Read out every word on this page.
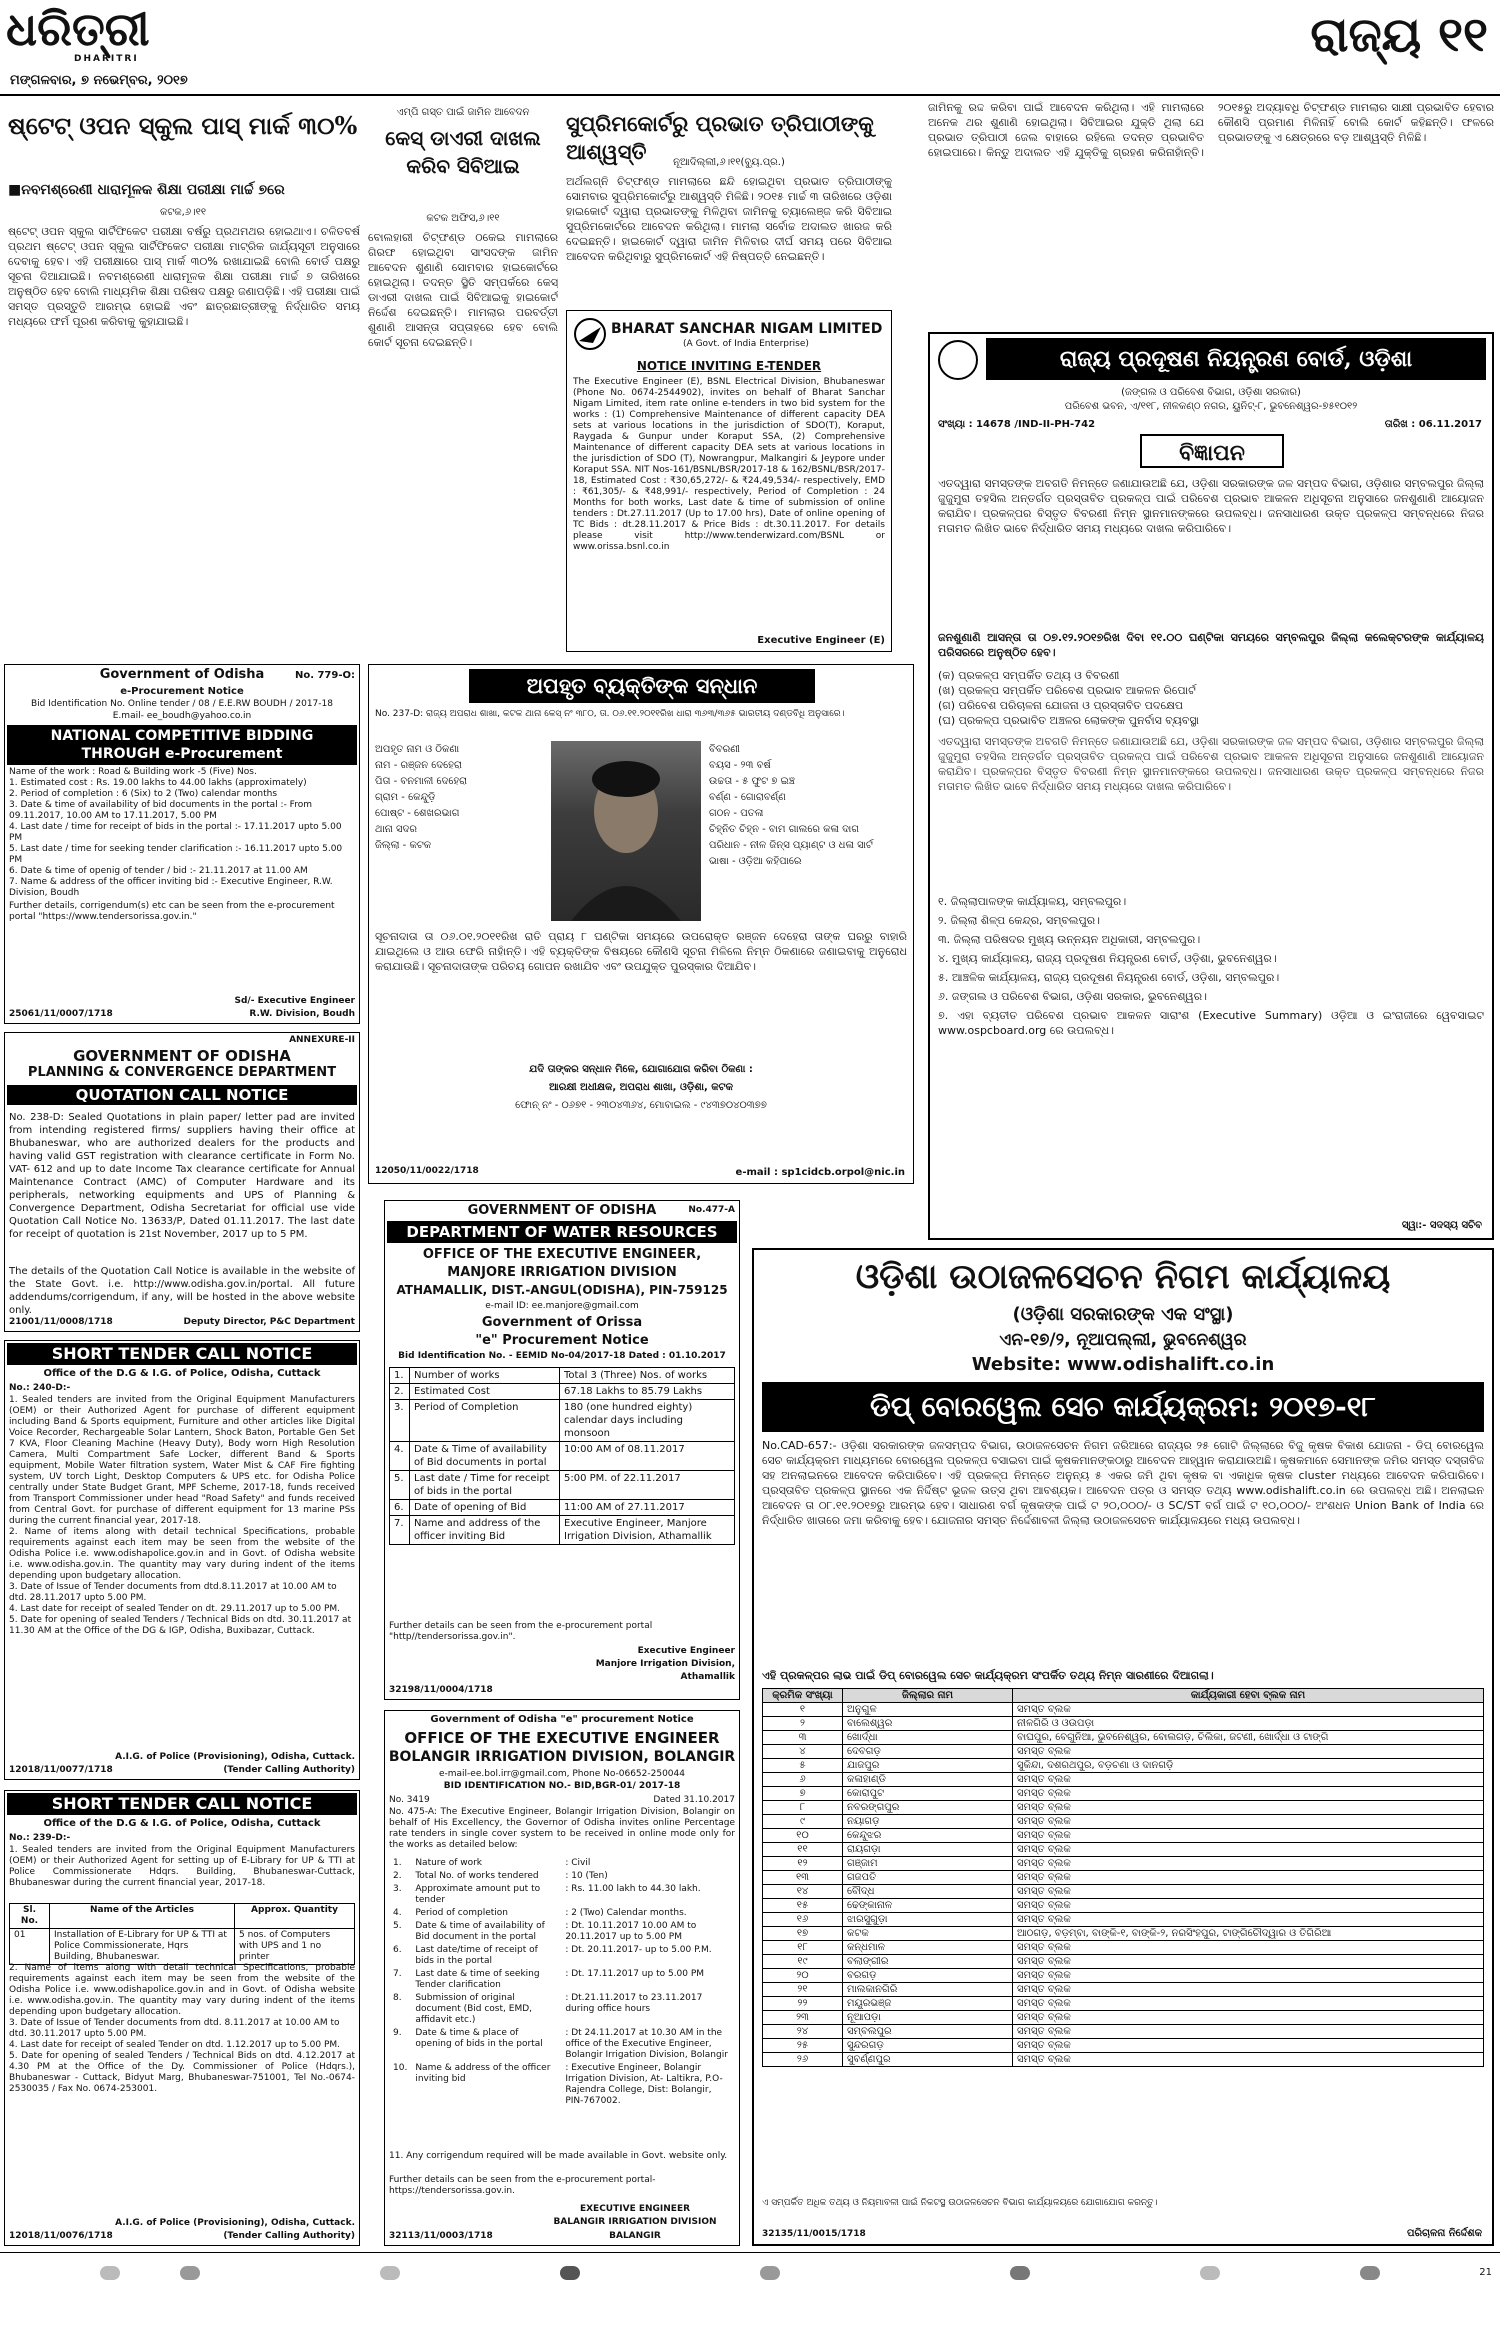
ଧରିତ୍ରୀ
DHARITRI
ମଙ୍ଗଳବାର, ୭ ନଭେମ୍ବର, ୨୦୧୭
ରାଜ୍ୟ ୧୧
ଷ୍ଟେଟ୍ ଓପନ ସ୍କୁଲ ପାସ୍ ମାର୍କ ୩୦%
■ନବମଶ୍ରେଣୀ ଧାରାମୂଳକ ଶିକ୍ଷା ପରୀକ୍ଷା ମାର୍ଚ୍ଚ ୭ରେ
କଟକ,୬।୧୧
ଷ୍ଟେଟ୍ ଓପନ ସ୍କୁଲ ସାର୍ଟିଫିକେଟ ପରୀକ୍ଷା ବର୍ଷରୁ ପ୍ରଥମଥର ହୋଇଥାଏ। ଚଳିତବର୍ଷ ପ୍ରଥମ ଷ୍ଟେଟ୍ ଓପନ ସ୍କୁଲ ସାର୍ଟିଫିକେଟ ପରୀକ୍ଷା ମାଟ୍ରିକ ଜାର୍ଯ୍ୟସୂଚୀ ଅନୁସାରେ ଦେବାକୁ ହେବ। ଏହି ପରୀକ୍ଷାରେ ପାସ୍ ମାର୍କ ୩୦% ରଖାଯାଇଛି ବୋଲି ବୋର୍ଡ ପକ୍ଷରୁ ସୂଚନା ଦିଆଯାଇଛି। ନବମଶ୍ରେଣୀ ଧାରାମୂଳକ ଶିକ୍ଷା ପରୀକ୍ଷା ମାର୍ଚ୍ଚ ୭ ତାରିଖରେ ଅନୁଷ୍ଠିତ ହେବ ବୋଲି ମାଧ୍ୟମିକ ଶିକ୍ଷା ପରିଷଦ ପକ୍ଷରୁ ଜଣାପଡ଼ିଛି। ଏହି ପରୀକ୍ଷା ପାଇଁ ସମସ୍ତ ପ୍ରସ୍ତୁତି ଆରମ୍ଭ ହୋଇଛି ଏବଂ ଛାତ୍ରଛାତ୍ରୀଙ୍କୁ ନିର୍ଦ୍ଧାରିତ ସମୟ ମଧ୍ୟରେ ଫର୍ମ ପୂରଣ କରିବାକୁ କୁହାଯାଇଛି।
ଏମ୍‌ପି ଗସ୍ତ ପାଇଁ ଜାମିନ ଆବେଦନ
କେସ୍ ଡାଏରୀ ଦାଖଲ କରିବ ସିବିଆଇ
କଟକ ଅଫିସ,୬।୧୧
ବୋଲହାରୀ ଚିଟ୍‌ଫଣ୍ଡ ଠକେଇ ମାମଲାରେ ଗିରଫ ହୋଇଥିବା ସାଂସଦଙ୍କ ଜାମିନ ଆବେଦନ ଶୁଣାଣି ସୋମବାର ହାଇକୋର୍ଟରେ ହୋଇଥିଲା। ତଦନ୍ତ ସ୍ଥିତି ସମ୍ପର୍କରେ କେସ୍ ଡାଏରୀ ଦାଖଲ ପାଇଁ ସିବିଆଇକୁ ହାଇକୋର୍ଟ ନିର୍ଦ୍ଦେଶ ଦେଇଛନ୍ତି। ମାମଲାର ପରବର୍ତ୍ତୀ ଶୁଣାଣି ଆସନ୍ତା ସପ୍ତାହରେ ହେବ ବୋଲି କୋର୍ଟ ସୂଚନା ଦେଇଛନ୍ତି।
ସୁପ୍ରିମକୋର୍ଟରୁ ପ୍ରଭାତ ତ୍ରିପାଠୀଙ୍କୁ ଆଶ୍ୱସ୍ତି	ନୂଆଦିଲ୍ଲୀ,୬।୧୧(ବ୍ୟୁ.ପ୍ର.)
ଅର୍ଥଲଗ୍ନି ଚିଟ୍‌ଫଣ୍ଡ ମାମଲାରେ ଛନ୍ଦି ହୋଇଥିବା ପ୍ରଭାତ ତ୍ରିପାଠୀଙ୍କୁ ସୋମବାର ସୁପ୍ରିମକୋର୍ଟରୁ ଆଶ୍ୱସ୍ତି ମିଳିଛି। ୨୦୧୫ ମାର୍ଚ୍ଚ ୩ ତାରିଖରେ ଓଡ଼ିଶା ହାଇକୋର୍ଟ ଦ୍ୱାରା ପ୍ରଭାତଙ୍କୁ ମିଳିଥିବା ଜାମିନକୁ ଚ୍ୟାଲେଞ୍ଜ କରି ସିବିଆଇ ସୁପ୍ରିମକୋର୍ଟରେ ଆବେଦନ କରିଥିଲା। ମାମଲା ସର୍ବୋଚ୍ଚ ଅଦାଲତ ଖାରଜ କରି ଦେଇଛନ୍ତି। ହାଇକୋର୍ଟ ଦ୍ୱାରା ଜାମିନ ମିଳିବାର ଦୀର୍ଘ ସମୟ ପରେ ସିବିଆଇ ଆବେଦନ କରିଥିବାରୁ ସୁପ୍ରିମକୋର୍ଟ ଏହି ନିଷ୍ପତ୍ତି ନେଇଛନ୍ତି।
ଜାମିନକୁ ରଦ୍ଦ କରିବା ପାଇଁ ଆବେଦନ କରିଥିଲା। ଏହି ମାମଲାରେ ଅନେକ ଥର ଶୁଣାଣି ହୋଇଥିଲା। ସିବିଆଇର ଯୁକ୍ତି ଥିଲା ଯେ ପ୍ରଭାତ ତ୍ରିପାଠୀ ଜେଲ ବାହାରେ ରହିଲେ ତଦନ୍ତ ପ୍ରଭାବିତ ହୋଇପାରେ। କିନ୍ତୁ ଅଦାଲତ ଏହି ଯୁକ୍ତିକୁ ଗ୍ରହଣ କରିନାହାଁନ୍ତି। ୨୦୧୫ରୁ ଅଦ୍ୟାବଧି ଚିଟ୍‌ଫଣ୍ଡ ମାମଲାର ସାକ୍ଷୀ ପ୍ରଭାବିତ ହେବାର କୌଣସି ପ୍ରମାଣ ମିଳିନାହିଁ ବୋଲି କୋର୍ଟ କହିଛନ୍ତି। ଫଳରେ ପ୍ରଭାତଙ୍କୁ ଏ କ୍ଷେତ୍ରରେ ବଡ଼ ଆଶ୍ୱସ୍ତି ମିଳିଛି।
BHARAT SANCHAR NIGAM LIMITED
(A Govt. of India Enterprise)
NOTICE INVITING E-TENDER
The Executive Engineer (E), BSNL Electrical Division, Bhubaneswar (Phone No. 0674-2544902), invites on behalf of Bharat Sanchar Nigam Limited, item rate online e-tenders in two bid system for the works : (1) Comprehensive Maintenance of different capacity DEA sets at various locations in the jurisdiction of SDO(T), Koraput, Raygada & Gunpur under Koraput SSA, (2) Comprehensive Maintenance of different capacity DEA sets at various locations in the jurisdiction of SDO (T), Nowrangpur, Malkangiri & Jeypore under Koraput SSA. NIT Nos-161/BSNL/BSR/2017-18 & 162/BSNL/BSR/2017-18, Estimated Cost : ₹30,65,272/- & ₹24,49,534/- respectively, EMD : ₹61,305/- & ₹48,991/- respectively, Period of Completion : 24 Months for both works, Last date & time of submission of online tenders : Dt.27.11.2017 (Up to 17.00 hrs), Date of online opening of TC Bids : dt.28.11.2017 & Price Bids : dt.30.11.2017. For details please visit http://www.tenderwizard.com/BSNL or www.orissa.bsnl.co.in
Executive Engineer (E)
ରାଜ୍ୟ ପ୍ରଦୂଷଣ ନିୟନ୍ତ୍ରଣ ବୋର୍ଡ, ଓଡ଼ିଶା
(ଜଙ୍ଗଲ ଓ ପରିବେଶ ବିଭାଗ, ଓଡ଼ିଶା ସରକାର)
ପରିବେଶ ଭବନ, ଏ/୧୧୮, ନୀଳକଣ୍ଠ ନଗର, ୟୁନିଟ୍-୮, ଭୁବନେଶ୍ୱର-୭୫୧୦୧୨
ସଂଖ୍ୟା : 14678 /IND-II-PH-742	ତାରିଖ : 06.11.2017
ବିଜ୍ଞାପନ
ଏତଦ୍ୱାରା ସମସ୍ତଙ୍କ ଅବଗତି ନିମନ୍ତେ ଜଣାଯାଉଅଛି ଯେ, ଓଡ଼ିଶା ସରକାରଙ୍କ ଜଳ ସମ୍ପଦ ବିଭାଗ, ଓଡ଼ିଶାର ସମ୍ବଲପୁର ଜିଲ୍ଲା ଜୁଜୁମୁରା ତହସିଲ ଅନ୍ତର୍ଗତ ପ୍ରସ୍ତାବିତ ପ୍ରକଳ୍ପ ପାଇଁ ପରିବେଶ ପ୍ରଭାବ ଆକଳନ ଅଧିସୂଚନା ଅନୁସାରେ ଜନଶୁଣାଣି ଆୟୋଜନ କରାଯିବ। ପ୍ରକଳ୍ପର ବିସ୍ତୃତ ବିବରଣୀ ନିମ୍ନ ସ୍ଥାନମାନଙ୍କରେ ଉପଲବ୍ଧ। ଜନସାଧାରଣ ଉକ୍ତ ପ୍ରକଳ୍ପ ସମ୍ବନ୍ଧରେ ନିଜର ମତାମତ ଲିଖିତ ଭାବେ ନିର୍ଦ୍ଧାରିତ ସମୟ ମଧ୍ୟରେ ଦାଖଲ କରିପାରିବେ।
ଜନଶୁଣାଣି ଆସନ୍ତା ତା ୦୭.୧୨.୨୦୧୭ରିଖ ଦିବା ୧୧.୦୦ ଘଣ୍ଟିକା ସମୟରେ ସମ୍ବଲପୁର ଜିଲ୍ଲା କଲେକ୍ଟରଙ୍କ କାର୍ଯ୍ୟାଳୟ ପରିସରରେ ଅନୁଷ୍ଠିତ ହେବ।
(କ) ପ୍ରକଳ୍ପ ସମ୍ପର୍କିତ ତଥ୍ୟ ଓ ବିବରଣୀ
(ଖ) ପ୍ରକଳ୍ପ ସମ୍ପର୍କିତ ପରିବେଶ ପ୍ରଭାବ ଆକଳନ ରିପୋର୍ଟ
(ଗ) ପରିବେଶ ପରିଚାଳନା ଯୋଜନା ଓ ପ୍ରସ୍ତାବିତ ପଦକ୍ଷେପ
(ଘ) ପ୍ରକଳ୍ପ ପ୍ରଭାବିତ ଅଞ୍ଚଳର ଲୋକଙ୍କ ପୁନର୍ବାସ ବ୍ୟବସ୍ଥା
ଏତଦ୍ୱାରା ସମସ୍ତଙ୍କ ଅବଗତି ନିମନ୍ତେ ଜଣାଯାଉଅଛି ଯେ, ଓଡ଼ିଶା ସରକାରଙ୍କ ଜଳ ସମ୍ପଦ ବିଭାଗ, ଓଡ଼ିଶାର ସମ୍ବଲପୁର ଜିଲ୍ଲା ଜୁଜୁମୁରା ତହସିଲ ଅନ୍ତର୍ଗତ ପ୍ରସ୍ତାବିତ ପ୍ରକଳ୍ପ ପାଇଁ ପରିବେଶ ପ୍ରଭାବ ଆକଳନ ଅଧିସୂଚନା ଅନୁସାରେ ଜନଶୁଣାଣି ଆୟୋଜନ କରାଯିବ। ପ୍ରକଳ୍ପର ବିସ୍ତୃତ ବିବରଣୀ ନିମ୍ନ ସ୍ଥାନମାନଙ୍କରେ ଉପଲବ୍ଧ। ଜନସାଧାରଣ ଉକ୍ତ ପ୍ରକଳ୍ପ ସମ୍ବନ୍ଧରେ ନିଜର ମତାମତ ଲିଖିତ ଭାବେ ନିର୍ଦ୍ଧାରିତ ସମୟ ମଧ୍ୟରେ ଦାଖଲ କରିପାରିବେ।
୧. ଜିଲ୍ଲାପାଳଙ୍କ କାର୍ଯ୍ୟାଳୟ, ସମ୍ବଲପୁର।
୨. ଜିଲ୍ଲା ଶିଳ୍ପ କେନ୍ଦ୍ର, ସମ୍ବଲପୁର।
୩. ଜିଲ୍ଲା ପରିଷଦର ମୁଖ୍ୟ ଉନ୍ନୟନ ଅଧିକାରୀ, ସମ୍ବଲପୁର।
୪. ମୁଖ୍ୟ କାର୍ଯ୍ୟାଳୟ, ରାଜ୍ୟ ପ୍ରଦୂଷଣ ନିୟନ୍ତ୍ରଣ ବୋର୍ଡ, ଓଡ଼ିଶା, ଭୁବନେଶ୍ୱର।
୫. ଆଞ୍ଚଳିକ କାର୍ଯ୍ୟାଳୟ, ରାଜ୍ୟ ପ୍ରଦୂଷଣ ନିୟନ୍ତ୍ରଣ ବୋର୍ଡ, ଓଡ଼ିଶା, ସମ୍ବଲପୁର।
୬. ଜଙ୍ଗଲ ଓ ପରିବେଶ ବିଭାଗ, ଓଡ଼ିଶା ସରକାର, ଭୁବନେଶ୍ୱର।
୭. ଏହା ବ୍ୟତୀତ ପରିବେଶ ପ୍ରଭାବ ଆକଳନ ସାରାଂଶ (Executive Summary) ଓଡ଼ିଆ ଓ ଇଂରାଜୀରେ ୱେବସାଇଟ www.ospcboard.org ରେ ଉପଲବ୍ଧ।
ସ୍ୱା:- ସଦସ୍ୟ ସଚିବ
Government of Odisha	No. 779-O:
e-Procurement Notice
Bid Identification No. Online tender / 08 / E.E.RW BOUDH / 2017-18
E.mail- ee_boudh@yahoo.co.in
NATIONAL COMPETITIVE BIDDING THROUGH e-Procurement
Name of the work : Road & Building work -5 (Five) Nos.
1. Estimated cost : Rs. 19.00 lakhs to 44.00 lakhs (approximately)
2. Period of completion : 6 (Six) to 2 (Two) calendar months
3. Date & time of availability of bid documents in the portal :- From 09.11.2017, 10.00 AM to 17.11.2017, 5.00 PM
4. Last date / time for receipt of bids in the portal :- 17.11.2017 upto 5.00 PM
5. Last date / time for seeking tender clarification :- 16.11.2017 upto 5.00 PM
6. Date & time of openig of tender / bid :- 21.11.2017 at 11.00 AM
7. Name & address of the officer inviting bid :- Executive Engineer, R.W. Division, Boudh
Further details, corrigendum(s) etc can be seen from the e-procurement portal "https://www.tendersorissa.gov.in."
Sd/- Executive Engineer
25061/11/0007/1718	R.W. Division, Boudh
ANNEXURE-II
GOVERNMENT OF ODISHA
PLANNING & CONVERGENCE DEPARTMENT
QUOTATION CALL NOTICE
No. 238-D: Sealed Quotations in plain paper/ letter pad are invited from intending registered firms/ suppliers having their office at Bhubaneswar, who are authorized dealers for the products and having valid GST registration with clearance certificate in Form No. VAT- 612 and up to date Income Tax clearance certificate for Annual Maintenance Contract (AMC) of Computer Hardware and its peripherals, networking equipments and UPS of Planning & Convergence Department, Odisha Secretariat for official use vide Quotation Call Notice No. 13633/P, Dated 01.11.2017. The last date for receipt of quotation is 21st November, 2017 up to 5 PM.
The details of the Quotation Call Notice is available in the website of the State Govt. i.e. http://www.odisha.gov.in/portal. All future addendums/corrigendum, if any, will be hosted in the above website only.
21001/11/0008/1718	Deputy Director, P&C Department
SHORT TENDER CALL NOTICE
Office of the D.G & I.G. of Police, Odisha, Cuttack
No.: 240-D:-
1. Sealed tenders are invited from the Original Equipment Manufacturers (OEM) or their Authorized Agent for purchase of different equipment including Band & Sports equipment, Furniture and other articles like Digital Voice Recorder, Rechargeable Solar Lantern, Shock Baton, Portable Gen Set 7 KVA, Floor Cleaning Machine (Heavy Duty), Body worn High Resolution Camera, Multi Compartment Safe Locker, different Band & Sports equipment, Mobile Water filtration system, Water Mist & CAF Fire fighting system, UV torch Light, Desktop Computers & UPS etc. for Odisha Police centrally under State Budget Grant, MPF Scheme, 2017-18, funds received from Transport Commissioner under head "Road Safety" and funds received from Central Govt. for purchase of different equipment for 13 marine PSs during the current financial year, 2017-18.
2. Name of items along with detail technical Specifications, probable requirements against each item may be seen from the website of the Odisha Police i.e. www.odishapolice.gov.in and in Govt. of Odisha website i.e. www.odisha.gov.in. The quantity may vary during indent of the items depending upon budgetary allocation.
3. Date of Issue of Tender documents from dtd.8.11.2017 at 10.00 AM to dtd. 28.11.2017 upto 5.00 PM.
4. Last date for receipt of sealed Tender on dt. 29.11.2017 up to 5.00 PM.
5. Date for opening of sealed Tenders / Technical Bids on dtd. 30.11.2017 at 11.30 AM at the Office of the DG & IGP, Odisha, Buxibazar, Cuttack.
A.I.G. of Police (Provisioning), Odisha, Cuttack.
12018/11/0077/1718	(Tender Calling Authority)
SHORT TENDER CALL NOTICE
Office of the D.G & I.G. of Police, Odisha, Cuttack
No.: 239-D:-
1. Sealed tenders are invited from the Original Equipment Manufacturers (OEM) or their Authorized Agent for setting up of E-Library for UP & TTI at Police Commissionerate Hdqrs. Building, Bhubaneswar-Cuttack, Bhubaneswar during the current financial year, 2017-18.
Sl. No.	Name of the Articles	Approx. Quantity
01	Installation of E-Library for UP & TTI at Police Commissionerate, Hqrs Building, Bhubaneswar.	5 nos. of Computers with UPS and 1 no printer
2. Name of items along with detail technical Specifications, probable requirements against each item may be seen from the website of the Odisha Police i.e. www.odishapolice.gov.in and in Govt. of Odisha website i.e. www.odisha.gov.in. The quantity may vary during indent of the items depending upon budgetary allocation.
3. Date of Issue of Tender documents from dtd. 8.11.2017 at 10.00 AM to dtd. 30.11.2017 upto 5.00 PM.
4. Last date for receipt of sealed Tender on dtd. 1.12.2017 up to 5.00 PM.
5. Date for opening of sealed Tenders / Technical Bids on dtd. 4.12.2017 at 4.30 PM at the Office of the Dy. Commissioner of Police (Hdqrs.), Bhubaneswar - Cuttack, Bidyut Marg, Bhubaneswar-751001, Tel No.-0674-2530035 / Fax No. 0674-253001.
A.I.G. of Police (Provisioning), Odisha, Cuttack.
12018/11/0076/1718	(Tender Calling Authority)
ଅପହୃତ ବ୍ୟକ୍ତିଙ୍କ ସନ୍ଧାନ
No. 237-D: ରାଜ୍ୟ ଅପରାଧ ଶାଖା, କଟକ ଥାନା କେସ୍ ନଂ ୩୮୦, ତା. ୦୬.୧୧.୨୦୧୧ରିଖ ଧାରା ୩୬୩/୩୬୫ ଭାରତୀୟ ଦଣ୍ଡବିଧି ଅନୁସାରେ।
ଅପହୃତ ନାମ ଓ ଠିକଣା
ନାମ - ରଞ୍ଜନ ଦେହେରା
ପିତା - ବନମାଳୀ ଦେହେରା
ଗ୍ରାମ - କେନ୍ଦୁଡ଼ି
ପୋଷ୍ଟ - ଶେଖରଭାଗ
ଥାନା ସଦର
ଜିଲ୍ଲା - କଟକ
ବିବରଣୀ
ବୟସ - ୨୩ ବର୍ଷ
ଉଚ୍ଚତା - ୫ ଫୁଟ ୭ ଇଞ୍ଚ
ବର୍ଣ୍ଣ - ଗୋରାବର୍ଣ୍ଣ
ଗଠନ - ପତଳା
ଚିହ୍ନିତ ଚିହ୍ନ - ବାମ ଗାଲରେ କଳା ଦାଗ
ପରିଧାନ - ନୀଳ ଜିନ୍ସ ପ୍ୟାଣ୍ଟ ଓ ଧଳା ସାର୍ଟ
ଭାଷା - ଓଡ଼ିଆ କହିପାରେ
ସୂଚନାଦାତା ତା ୦୬.୦୧.୨୦୧୧ରିଖ ରାତି ପ୍ରାୟ ୮ ଘଣ୍ଟିକା ସମୟରେ ଉପରୋକ୍ତ ରଞ୍ଜନ ଦେହେରା ତାଙ୍କ ଘରରୁ ବାହାରି ଯାଇଥିଲେ ଓ ଆଉ ଫେରି ନାହାଁନ୍ତି। ଏହି ବ୍ୟକ୍ତିଙ୍କ ବିଷୟରେ କୌଣସି ସୂଚନା ମିଳିଲେ ନିମ୍ନ ଠିକଣାରେ ଜଣାଇବାକୁ ଅନୁରୋଧ କରାଯାଉଛି। ସୂଚନାଦାତାଙ୍କ ପରିଚୟ ଗୋପନ ରଖାଯିବ ଏବଂ ଉପଯୁକ୍ତ ପୁରସ୍କାର ଦିଆଯିବ।
ଯଦି ତାଙ୍କର ସନ୍ଧାନ ମିଳେ, ଯୋଗାଯୋଗ କରିବା ଠିକଣା :
ଆରକ୍ଷୀ ଅଧୀକ୍ଷକ, ଅପରାଧ ଶାଖା, ଓଡ଼ିଶା, କଟକ
ଫୋନ୍ ନଂ - ୦୬୭୧ - ୨୩୦୪୩୬୪, ମୋବାଇଲ - ୯୪୩୭୦୪୦୩୭୭
12050/11/0022/1718	e-mail : sp1cidcb.orpol@nic.in
GOVERNMENT OF ODISHA	No.477-A
DEPARTMENT OF WATER RESOURCES
OFFICE OF THE EXECUTIVE ENGINEER,
MANJORE IRRIGATION DIVISION
ATHAMALLIK, DIST.-ANGUL(ODISHA), PIN-759125
e-mail ID: ee.manjore@gmail.com
Government of Orissa
"e" Procurement Notice
Bid Identification No. - EEMID No-04/2017-18 Dated : 01.10.2017
1.	Number of works	Total 3 (Three) Nos. of works
2.	Estimated Cost	67.18 Lakhs to 85.79 Lakhs
3.	Period of Completion	180 (one hundred eighty) calendar days including monsoon
4.	Date & Time of availability of Bid documents in portal	10:00 AM of 08.11.2017
5.	Last date / Time for receipt of bids in the portal	5:00 PM. of 22.11.2017
6.	Date of opening of Bid	11:00 AM of 27.11.2017
7.	Name and address of the officer inviting Bid	Executive Engineer, Manjore Irrigation Division, Athamallik
Further details can be seen from the e-procurement portal "http//tendersorissa.gov.in".
Executive Engineer
Manjore Irrigation Division,
Athamallik
32198/11/0004/1718
Government of Odisha "e" procurement Notice
OFFICE OF THE EXECUTIVE ENGINEER
BOLANGIR IRRIGATION DIVISION, BOLANGIR
e-mail-ee.bol.irr@gmail.com, Phone No-06652-250044
BID IDENTIFICATION NO.- BID,BGR-01/ 2017-18
No. 3419	Dated 31.10.2017
No. 475-A: The Executive Engineer, Bolangir Irrigation Division, Bolangir on behalf of His Excellency, the Governor of Odisha invites online Percentage rate tenders in single cover system to be received in online mode only for the works as detailed below:
1.	Nature of work	: Civil
2.	Total No. of works tendered	: 10 (Ten)
3.	Approximate amount put to tender	: Rs. 11.00 lakh to 44.30 lakh.
4.	Period of completion	: 2 (Two) Calendar months.
5.	Date & time of availability of Bid document in the portal	: Dt. 10.11.2017 10.00 AM to 20.11.2017 up to 5.00 PM
6.	Last date/time of receipt of bids in the portal	: Dt. 20.11.2017- up to 5.00 P.M.
7.	Last date & time of seeking Tender clarification	: Dt. 17.11.2017 up to 5.00 PM
8.	Submission of original document (Bid cost, EMD, affidavit etc.)	: Dt.21.11.2017 to 23.11.2017 during office hours
9.	Date & time & place of opening of bids in the portal	: Dt 24.11.2017 at 10.30 AM in the office of the Executive Engineer, Bolangir Irrigation Division, Bolangir
10.	Name & address of the officer inviting bid	: Executive Engineer, Bolangir Irrigation Division, At- Laltikra, P.O- Rajendra College, Dist: Bolangir, PIN-767002.
11. Any corrigendum required will be made available in Govt. website only.
Further details can be seen from the e-procurement portal- https://tendersorissa.gov.in.
EXECUTIVE ENGINEER
BALANGIR IRRIGATION DIVISION
32113/11/0003/1718	BALANGIR
ଓଡ଼ିଶା ଉଠାଜଳସେଚନ ନିଗମ କାର୍ଯ୍ୟାଳୟ
(ଓଡ଼ିଶା ସରକାରଙ୍କ ଏକ ସଂସ୍ଥା)
ଏନ-୧୭/୨, ନୂଆପଲ୍ଲୀ, ଭୁବନେଶ୍ୱର
Website: www.odishalift.co.in
ଡିପ୍ ବୋରୱେଲ ସେଚ କାର୍ଯ୍ୟକ୍ରମ: ୨୦୧୭-୧୮
No.CAD-657:- ଓଡ଼ିଶା ସରକାରଙ୍କ ଜଳସମ୍ପଦ ବିଭାଗ, ଉଠାଜଳସେଚନ ନିଗମ ଜରିଆରେ ରାଜ୍ୟର ୨୫ ଗୋଟି ଜିଲ୍ଲାରେ ବିଜୁ କୃଷକ ବିକାଶ ଯୋଜନା - ଡିପ୍ ବୋରୱେଲ ସେଚ କାର୍ଯ୍ୟକ୍ରମ ମାଧ୍ୟମରେ ବୋରୱେଲ ପ୍ରକଳ୍ପ ବସାଇବା ପାଇଁ କୃଷକମାନଙ୍କଠାରୁ ଆବେଦନ ଆହ୍ୱାନ କରାଯାଉଅଛି। କୃଷକମାନେ ସେମାନଙ୍କ ଜମିର ସମସ୍ତ ଦସ୍ତାବିଜ ସହ ଅନଲାଇନରେ ଆବେଦନ କରିପାରିବେ। ଏହି ପ୍ରକଳ୍ପ ନିମନ୍ତେ ଅନୁନ୍ୟ ୫ ଏକର ଜମି ଥିବା କୃଷକ ବା ଏକାଧିକ କୃଷକ cluster ମଧ୍ୟରେ ଆବେଦନ କରିପାରିବେ। ପ୍ରସ୍ତାବିତ ପ୍ରକଳ୍ପ ସ୍ଥାନରେ ଏକ ନିର୍ଦ୍ଦିଷ୍ଟ ଭୂଜଳ ଉତ୍ସ ଥିବା ଆବଶ୍ୟକ। ଆବେଦନ ପତ୍ର ଓ ସମସ୍ତ ତଥ୍ୟ www.odishalift.co.in ରେ ଉପଲବ୍ଧ ଅଛି। ଅନଲାଇନ ଆବେଦନ ତା ୦୮.୧୧.୨୦୧୭ରୁ ଆରମ୍ଭ ହେବ। ସାଧାରଣ ବର୍ଗ କୃଷକଙ୍କ ପାଇଁ ଟ ୨୦,୦୦୦/- ଓ SC/ST ବର୍ଗ ପାଇଁ ଟ ୧୦,୦୦୦/- ଅଂଶଧନ Union Bank of India ରେ ନିର୍ଦ୍ଧାରିତ ଖାତାରେ ଜମା କରିବାକୁ ହେବ। ଯୋଜନାର ସମସ୍ତ ନିର୍ଦ୍ଦେଶାବଳୀ ଜିଲ୍ଲା ଉଠାଜଳସେଚନ କାର୍ଯ୍ୟାଳୟରେ ମଧ୍ୟ ଉପଲବ୍ଧ।
ଏହି ପ୍ରକଳ୍ପର ଲାଭ ପାଇଁ ଡିପ୍ ବୋରୱେଲ ସେଚ କାର୍ଯ୍ୟକ୍ରମ ସଂପର୍କିତ ତଥ୍ୟ ନିମ୍ନ ସାରଣୀରେ ଦିଆଗଲା।
କ୍ରମିକ ସଂଖ୍ୟା	ଜିଲ୍ଲାର ନାମ	କାର୍ଯ୍ୟକାରୀ ହେବା ବ୍ଲକ ନାମ
୧	ଅନୁଗୁଳ	ସମସ୍ତ ବ୍ଲକ
୨	ବାଲେଶ୍ୱର	ନୀଳଗିରି ଓ ଓଉପଡ଼ା
୩	ଖୋର୍ଦ୍ଧା	ବାଘପୁର, ବେଗୁନିଆ, ଭୁବନେଶ୍ୱର, ବୋଲଗଡ଼, ଚିଲିକା, ଜଟଣୀ, ଖୋର୍ଦ୍ଧା ଓ ଟାଙ୍ଗି
୪	ଦେବଗଡ଼	ସମସ୍ତ ବ୍ଲକ
୫	ଯାଜପୁର	ସୁକିନ୍ଦା, ଦଶରଥପୁର, ବଡ଼ଚଣା ଓ ଦାନଗଡ଼ି
୬	କଳାହାଣ୍ଡି	ସମସ୍ତ ବ୍ଲକ
୭	କୋରାପୁଟ	ସମସ୍ତ ବ୍ଲକ
୮	ନବରଙ୍ଗପୁର	ସମସ୍ତ ବ୍ଲକ
୯	ନୟାଗଡ଼	ସମସ୍ତ ବ୍ଲକ
୧୦	କେନ୍ଦୁଝର	ସମସ୍ତ ବ୍ଲକ
୧୧	ରାୟଗଡ଼ା	ସମସ୍ତ ବ୍ଲକ
୧୨	ଗଞ୍ଜାମ	ସମସ୍ତ ବ୍ଲକ
୧୩	ଗଜପତି	ସମସ୍ତ ବ୍ଲକ
୧୪	ବୌଦ୍ଧ	ସମସ୍ତ ବ୍ଲକ
୧୫	ଢେଙ୍କାନାଳ	ସମସ୍ତ ବ୍ଲକ
୧୬	ଝାରସୁଗୁଡ଼ା	ସମସ୍ତ ବ୍ଲକ
୧୭	କଟକ	ଆଠଗଡ଼, ବଡ଼ମ୍ବା, ବାଙ୍କି-୧, ବାଙ୍କି-୨, ନରସିଂହପୁର, ଟାଙ୍ଗିଚୌଦ୍ୱାର ଓ ତିଗିରିଆ
୧୮	କନ୍ଧମାଳ	ସମସ୍ତ ବ୍ଲକ
୧୯	ବଲାଙ୍ଗୀର	ସମସ୍ତ ବ୍ଲକ
୨୦	ବରଗଡ଼	ସମସ୍ତ ବ୍ଲକ
୨୧	ମାଲକାନଗିରି	ସମସ୍ତ ବ୍ଲକ
୨୨	ମୟୂରଭଞ୍ଜ	ସମସ୍ତ ବ୍ଲକ
୨୩	ନୂଆପଡ଼ା	ସମସ୍ତ ବ୍ଲକ
୨୪	ସମ୍ବଲପୁର	ସମସ୍ତ ବ୍ଲକ
୨୫	ସୁନ୍ଦରଗଡ଼	ସମସ୍ତ ବ୍ଲକ
୨୬	ସୁବର୍ଣ୍ଣପୁର	ସମସ୍ତ ବ୍ଲକ
ଏ ସମ୍ପର୍କିତ ଅଧିକ ତଥ୍ୟ ଓ ନିୟମାବଳୀ ପାଇଁ ନିକଟସ୍ଥ ଉଠାଜଳସେଚନ ବିଭାଗ କାର୍ଯ୍ୟାଳୟରେ ଯୋଗାଯୋଗ କରନ୍ତୁ।
32135/11/0015/1718	ପରିଚାଳନା ନିର୍ଦ୍ଦେଶକ
21
